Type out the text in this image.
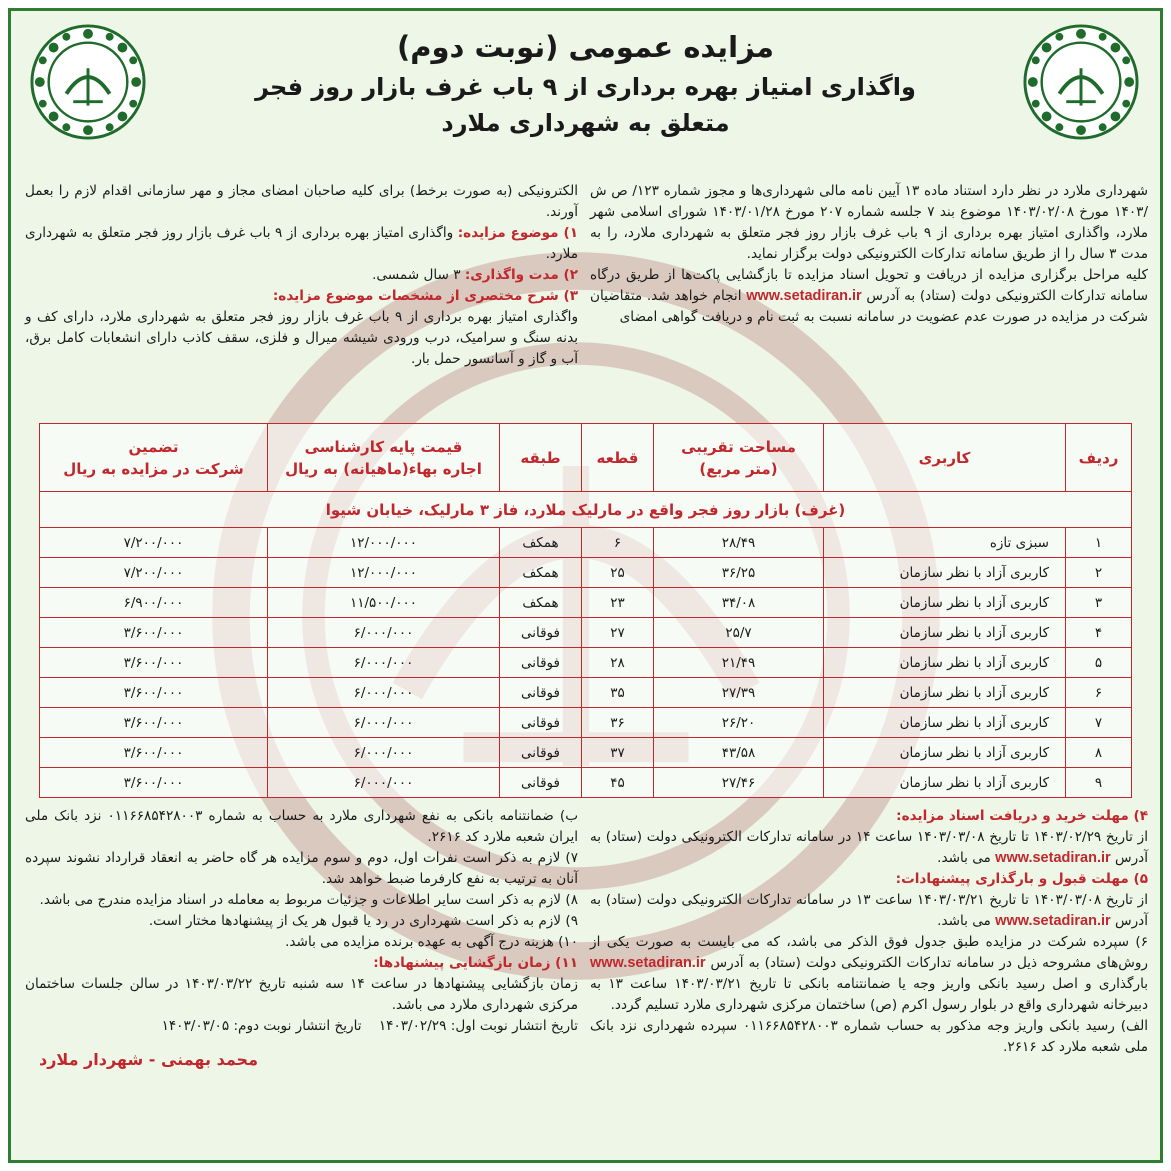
مزایده عمومی (نوبت دوم)
واگذاری امتیاز بهره برداری از ۹ باب غرف بازار روز فجر
متعلق به شهرداری ملارد

شهرداری ملارد در نظر دارد استناد ماده ۱۳ آیین نامه مالی شهرداری‌ها و مجوز شماره ۱۲۳/ ص ش /۱۴۰۳ مورخ ۱۴۰۳/۰۲/۰۸ موضوع بند ۷ جلسه شماره ۲۰۷ مورخ ۱۴۰۳/۰۱/۲۸ شورای اسلامی شهر ملارد، واگذاری امتیاز بهره برداری از ۹ باب غرف بازار روز فجر متعلق به شهرداری ملارد، را به مدت ۳ سال را از طریق سامانه تدارکات الکترونیکی دولت برگزار نماید.

کلیه مراحل برگزاری مزایده از دریافت و تحویل اسناد مزایده تا بازگشایی پاکت‌ها از طریق درگاه سامانه تدارکات الکترونیکی دولت (ستاد) به آدرس www.setadiran.ir انجام خواهد شد. متقاضیان شرکت در مزایده در صورت عدم عضویت در سامانه نسبت به ثبت نام و دریافت گواهی امضای

الکترونیکی (به صورت برخط) برای کلیه صاحبان امضای مجاز و مهر سازمانی اقدام لازم را بعمل آورند.

۱) موضوع مزایده: واگذاری امتیاز بهره برداری از ۹ باب غرف بازار روز فجر متعلق به شهرداری ملارد.

۲) مدت واگذاری: ۳ سال شمسی.

۳) شرح مختصری از مشخصات موضوع مزایده:
واگذاری امتیاز بهره برداری از ۹ باب غرف بازار روز فجر متعلق به شهرداری ملارد، دارای کف و بدنه سنگ و سرامیک، درب ورودی شیشه میرال و فلزی، سقف کاذب دارای انشعابات کامل برق، آب و گاز و آسانسور حمل بار.

(غرف) بازار روز فجر واقع در مارلیک ملارد، فاز ۳ مارلیک، خیابان شیوا						
ردیف	کاربری	مساحت تقریبی
(متر مربع)	قطعه	طبقه	قیمت پایه کارشناسی
اجاره بهاء(ماهیانه) به ریال	تضمین
شرکت در مزایده به ریال
۱	سبزی تازه	۲۸/۴۹	۶	همکف	۱۲/۰۰۰/۰۰۰	۷/۲۰۰/۰۰۰
۲	کاربری آزاد با نظر سازمان	۳۶/۲۵	۲۵	همکف	۱۲/۰۰۰/۰۰۰	۷/۲۰۰/۰۰۰
۳	کاربری آزاد با نظر سازمان	۳۴/۰۸	۲۳	همکف	۱۱/۵۰۰/۰۰۰	۶/۹۰۰/۰۰۰
۴	کاربری آزاد با نظر سازمان	۲۵/۷	۲۷	فوقانی	۶/۰۰۰/۰۰۰	۳/۶۰۰/۰۰۰
۵	کاربری آزاد با نظر سازمان	۲۱/۴۹	۲۸	فوقانی	۶/۰۰۰/۰۰۰	۳/۶۰۰/۰۰۰
۶	کاربری آزاد با نظر سازمان	۲۷/۳۹	۳۵	فوقانی	۶/۰۰۰/۰۰۰	۳/۶۰۰/۰۰۰
۷	کاربری آزاد با نظر سازمان	۲۶/۲۰	۳۶	فوقانی	۶/۰۰۰/۰۰۰	۳/۶۰۰/۰۰۰
۸	کاربری آزاد با نظر سازمان	۴۳/۵۸	۳۷	فوقانی	۶/۰۰۰/۰۰۰	۳/۶۰۰/۰۰۰
۹	کاربری آزاد با نظر سازمان	۲۷/۴۶	۴۵	فوقانی	۶/۰۰۰/۰۰۰	۳/۶۰۰/۰۰۰

۴) مهلت خرید و دریافت اسناد مزایده:

از تاریخ ۱۴۰۳/۰۲/۲۹ تا تاریخ ۱۴۰۳/۰۳/۰۸ ساعت ۱۴ در سامانه تدارکات الکترونیکی دولت (ستاد) به آدرس www.setadiran.ir می باشد.

۵) مهلت قبول و بارگذاری پیشنهادات:

از تاریخ ۱۴۰۳/۰۳/۰۸ تا تاریخ ۱۴۰۳/۰۳/۲۱ ساعت ۱۳ در سامانه تدارکات الکترونیکی دولت (ستاد) به آدرس www.setadiran.ir می باشد.

۶) سپرده شرکت در مزایده طبق جدول فوق الذکر می باشد، که می بایست به صورت یکی از روش‌های مشروحه ذیل در سامانه تدارکات الکترونیکی دولت (ستاد) به آدرس www.setadiran.ir بارگذاری و اصل رسید بانکی واریز وجه یا ضمانتنامه بانکی تا تاریخ ۱۴۰۳/۰۳/۲۱ ساعت ۱۳ به دبیرخانه شهرداری واقع در بلوار رسول اکرم (ص) ساختمان مرکزی شهرداری ملارد تسلیم گردد.

الف) رسید بانکی واریز وجه مذکور به حساب شماره ۰۱۱۶۶۸۵۴۲۸۰۰۳ سپرده شهرداری نزد بانک ملی شعبه ملارد کد ۲۶۱۶.

ب) ضمانتنامه بانکی به نفع شهرداری ملارد به حساب به شماره ۰۱۱۶۶۸۵۴۲۸۰۰۳ نزد بانک ملی ایران شعبه ملارد کد ۲۶۱۶.

۷) لازم به ذکر است نفرات اول، دوم و سوم مزایده هر گاه حاضر به انعقاد قرارداد نشوند سپرده آنان به ترتیب به نفع کارفرما ضبط خواهد شد.

۸) لازم به ذکر است سایر اطلاعات و جزئیات مربوط به معامله در اسناد مزایده مندرج می باشد.

۹) لازم به ذکر است شهرداری در رد یا قبول هر یک از پیشنهادها مختار است.

۱۰) هزینه درج آگهی به عهده برنده مزایده می باشد.

۱۱) زمان بازگشایی پیشنهادها:

زمان بازگشایی پیشنهادها در ساعت ۱۴ سه شنبه تاریخ ۱۴۰۳/۰۳/۲۲ در سالن جلسات ساختمان مرکزی شهرداری ملارد می باشد.

تاریخ انتشار نوبت اول: ۱۴۰۳/۰۲/۲۹    تاریخ انتشار نوبت دوم: ۱۴۰۳/۰۳/۰۵

محمد بهمنی - شهردار ملارد
